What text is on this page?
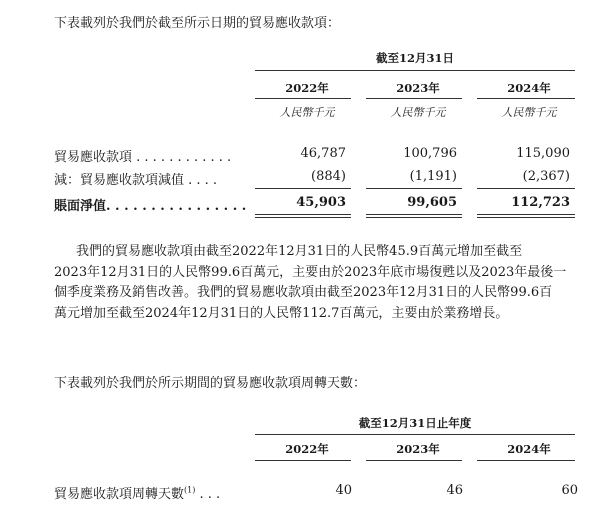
下表載列於我們於截至所示日期的貿易應收款項：
截至12月31日
2022年	2023年	2024年
人民幣千元	人民幣千元	人民幣千元
貿易應收款項 . . . . . . . . . . . .	46,787	100,796	115,090
減：貿易應收款項減值 . . . .	(884)	(1,191)	(2,367)
賬面淨值. . . . . . . . . . . . . . . .	45,903	99,605	112,723
我們的貿易應收款項由截至2022年12月31日的人民幣45.9百萬元增加至截至
2023年12月31日的人民幣99.6百萬元，主要由於2023年底市場復甦以及2023年最後一
個季度業務及銷售改善。我們的貿易應收款項由截至2023年12月31日的人民幣99.6百
萬元增加至截至2024年12月31日的人民幣112.7百萬元，主要由於業務增長。
下表載列於我們於所示期間的貿易應收款項周轉天數：
截至12月31日止年度
2022年	2023年	2024年
貿易應收款項周轉天數$^{(1)}$ . . .	40	46	60
